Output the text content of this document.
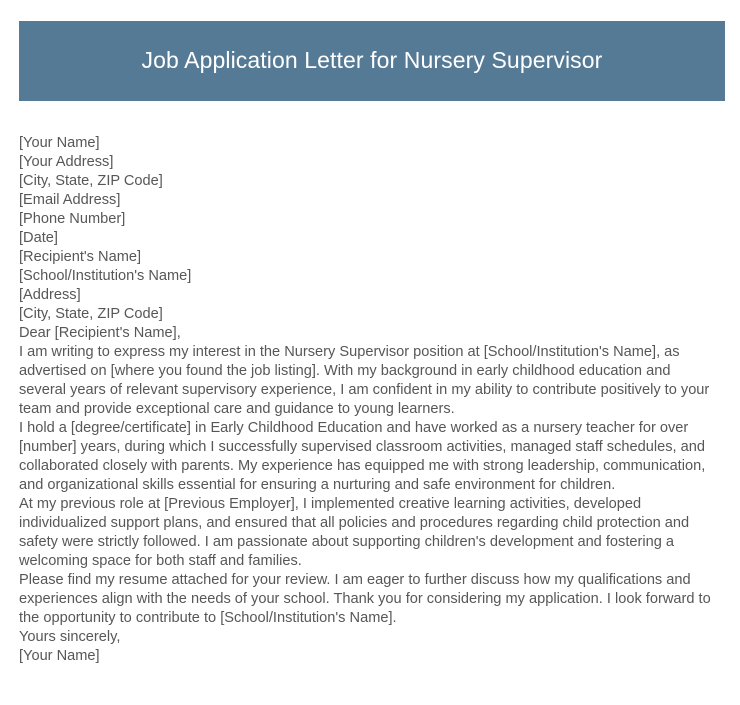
Job Application Letter for Nursery Supervisor
[Your Name]
[Your Address]
[City, State, ZIP Code]
[Email Address]
[Phone Number]
[Date]
[Recipient's Name]
[School/Institution's Name]
[Address]
[City, State, ZIP Code]
Dear [Recipient's Name],

I am writing to express my interest in the Nursery Supervisor position at [School/Institution's Name], as advertised on [where you found the job listing]. With my background in early childhood education and several years of relevant supervisory experience, I am confident in my ability to contribute positively to your team and provide exceptional care and guidance to young learners.

I hold a [degree/certificate] in Early Childhood Education and have worked as a nursery teacher for over [number] years, during which I successfully supervised classroom activities, managed staff schedules, and collaborated closely with parents. My experience has equipped me with strong leadership, communication, and organizational skills essential for ensuring a nurturing and safe environment for children.

At my previous role at [Previous Employer], I implemented creative learning activities, developed individualized support plans, and ensured that all policies and procedures regarding child protection and safety were strictly followed. I am passionate about supporting children's development and fostering a welcoming space for both staff and families.

Please find my resume attached for your review. I am eager to further discuss how my qualifications and experiences align with the needs of your school. Thank you for considering my application. I look forward to the opportunity to contribute to [School/Institution's Name].

Yours sincerely,
[Your Name]
